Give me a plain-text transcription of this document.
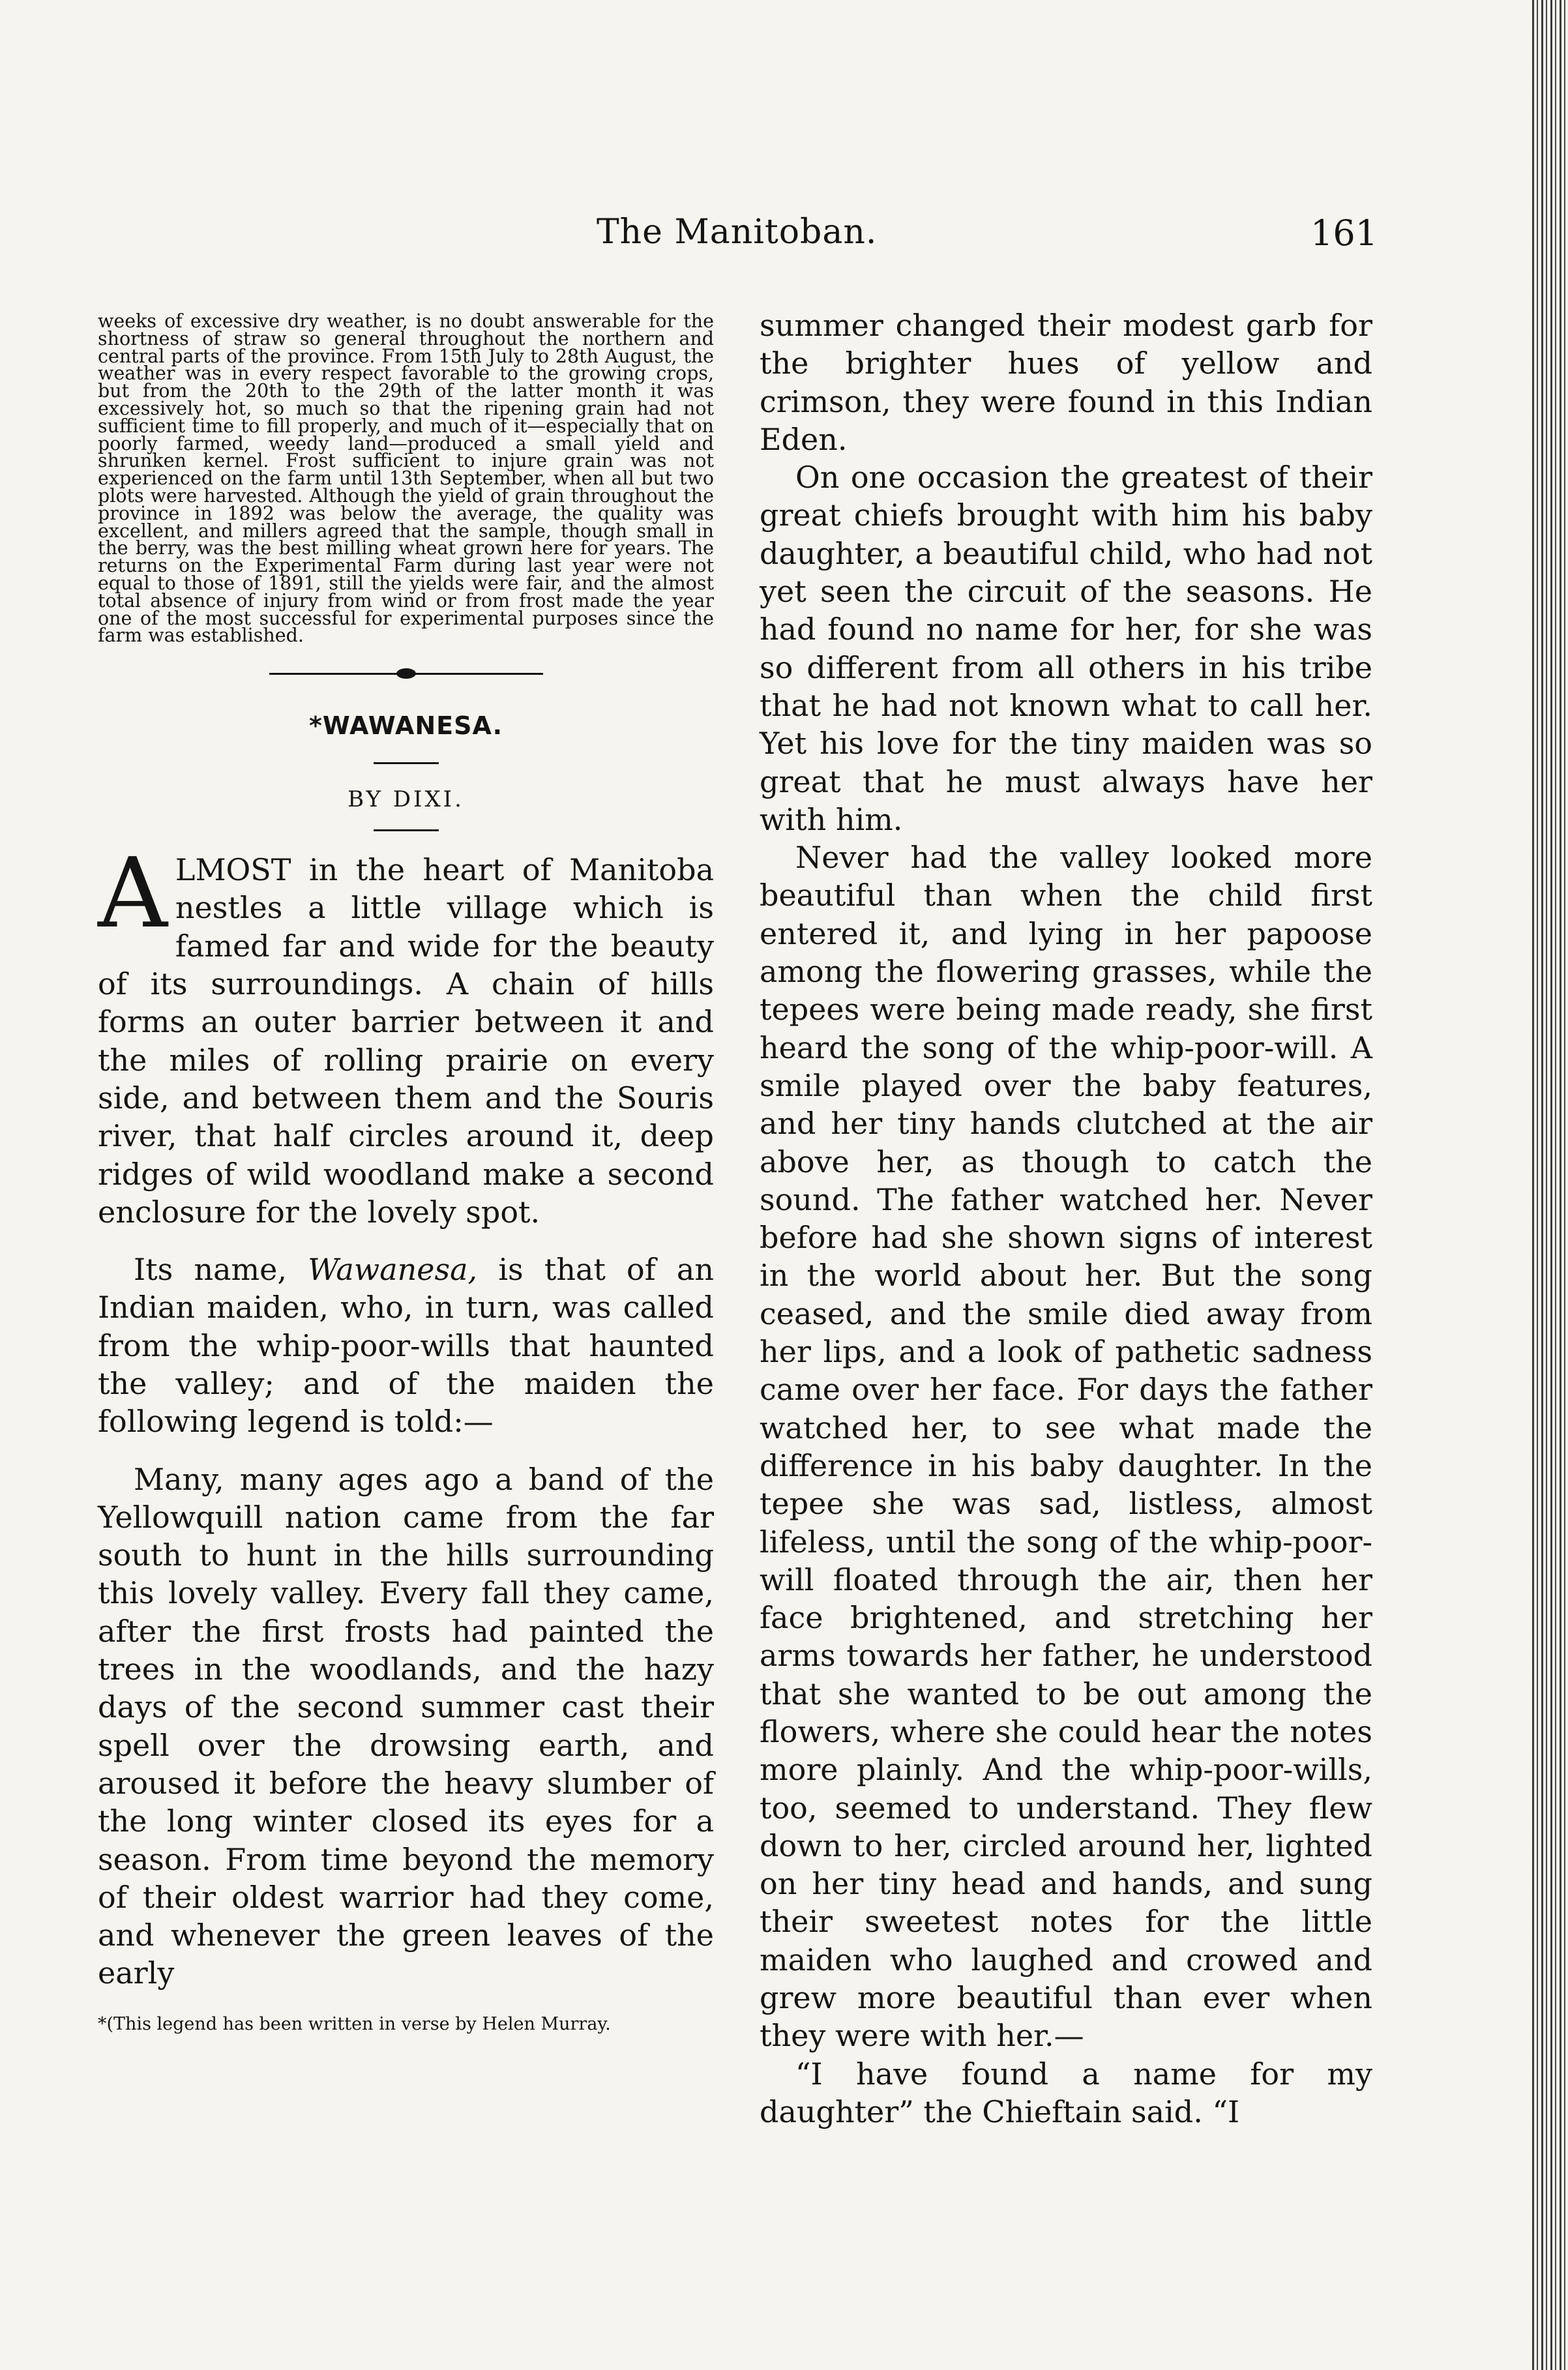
The Manitoban.	161

weeks of excessive dry weather, is no doubt answerable for the shortness of straw so general throughout the northern and central parts of the province. From 15th July to 28th August, the weather was in every respect favorable to the growing crops, but from the 20th to the 29th of the latter month it was excessively hot, so much so that the ripening grain had not sufficient time to fill properly, and much of it—especially that on poorly farmed, weedy land—produced a small yield and shrunken kernel. Frost sufficient to injure grain was not experienced on the farm until 13th September, when all but two plots were harvested. Although the yield of grain throughout the province in 1892 was below the average, the quality was excellent, and millers agreed that the sample, though small in the berry, was the best milling wheat grown here for years. The returns on the Experimental Farm during last year were not equal to those of 1891, still the yields were fair, and the almost total absence of injury from wind or from frost made the year one of the most successful for experimental purposes since the farm was established.

*WAWANESA.

BY DIXI.

ALMOST in the heart of Manitoba nestles a little village which is famed far and wide for the beauty of its surroundings. A chain of hills forms an outer barrier between it and the miles of rolling prairie on every side, and between them and the Souris river, that half circles around it, deep ridges of wild woodland make a second enclosure for the lovely spot.

Its name, Wawanesa, is that of an Indian maiden, who, in turn, was called from the whip-poor-wills that haunted the valley; and of the maiden the following legend is told:—

Many, many ages ago a band of the Yellowquill nation came from the far south to hunt in the hills surrounding this lovely valley. Every fall they came, after the first frosts had painted the trees in the woodlands, and the hazy days of the second summer cast their spell over the drowsing earth, and aroused it before the heavy slumber of the long winter closed its eyes for a season. From time beyond the memory of their oldest warrior had they come, and whenever the green leaves of the early

*(This legend has been written in verse by Helen Murray.

summer changed their modest garb for the brighter hues of yellow and crimson, they were found in this Indian Eden.

On one occasion the greatest of their great chiefs brought with him his baby daughter, a beautiful child, who had not yet seen the circuit of the seasons. He had found no name for her, for she was so different from all others in his tribe that he had not known what to call her. Yet his love for the tiny maiden was so great that he must always have her with him.

Never had the valley looked more beautiful than when the child first entered it, and lying in her papoose among the flowering grasses, while the tepees were being made ready, she first heard the song of the whip-poor-will. A smile played over the baby features, and her tiny hands clutched at the air above her, as though to catch the sound. The father watched her. Never before had she shown signs of interest in the world about her. But the song ceased, and the smile died away from her lips, and a look of pathetic sadness came over her face. For days the father watched her, to see what made the difference in his baby daughter. In the tepee she was sad, listless, almost lifeless, until the song of the whip-poor-will floated through the air, then her face brightened, and stretching her arms towards her father, he understood that she wanted to be out among the flowers, where she could hear the notes more plainly. And the whip-poor-wills, too, seemed to understand. They flew down to her, circled around her, lighted on her tiny head and hands, and sung their sweetest notes for the little maiden who laughed and crowed and grew more beautiful than ever when they were with her.—

“I have found a name for my daughter” the Chieftain said. “I
